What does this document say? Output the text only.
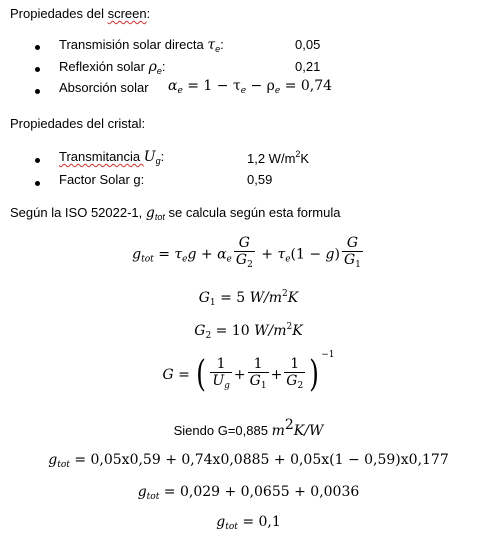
Propiedades del screen:
Transmisión solar directa $\tau_e$:	0,05
Reflexión solar $\rho_e$:	0,21
Absorción solar $\alpha_e = 1 - \tau_e - \rho_e = 0,74$
Propiedades del cristal:
Transmitancia $U_g$:	1,2 $W/m^2K$
Factor Solar g:	0,59
Según la ISO 52022-1, $g_{tot}$ se calcula según esta formula
$g_{tot} = \tau_eg + \alpha_e \frac{G}{G_2} + \tau_e(1 - g) \frac{G}{G_1}$
$G_1 = 5$ $W/m^2K$
$G_2 = 10$ $W/m^2K$
G = ( $\frac{1}{U_g} + \frac{1}{G_1} + \frac{1}{G_2}$ ) $^{-1}$
Siendo G=0,885 $m^2K/W$
$g_{tot} = 0,05x0,59 + 0,74x0,0885 + 0,05x(1 - 0,59)x0,177$
$g_{tot} = 0,029 + 0,0655 + 0,0036$
$g_{tot} = 0,1$
